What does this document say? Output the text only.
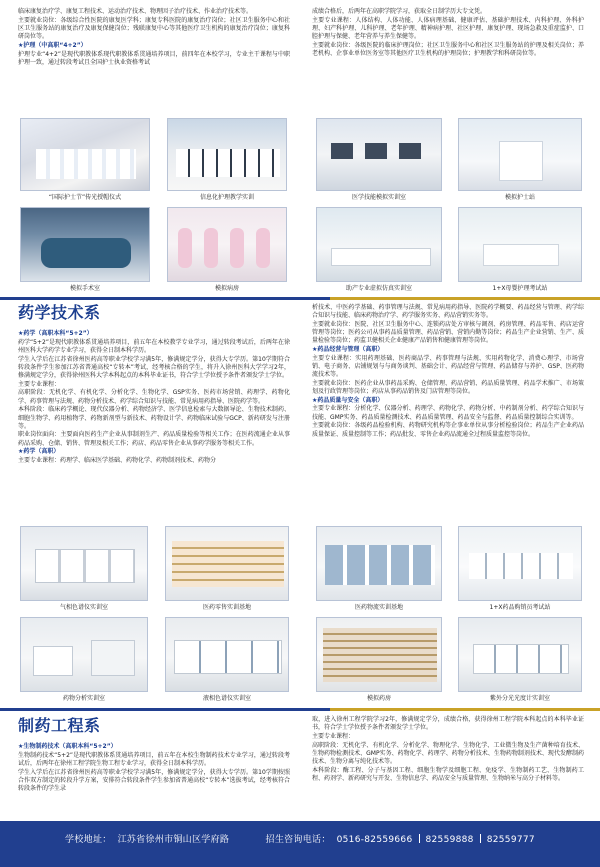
临床康复治疗学、康复工程技术、运动治疗技术、物理因子治疗技术、作业治疗技术等。

主要就业岗位：各级综合性医院的康复医学科；康复专科医院的康复治疗岗位；社区卫生服务中心和社区卫生服务站的康复治疗及康复保健岗位；残联康复中心等其他医疗卫生机构的康复治疗岗位；康复科研岗位等。

★护理（中高职“4+2”）

护理专业“4+2”是现代职教体系现代职教体系贯通培养项目，前四年在本校学习，专业主干课程与中职护理一致，通过转段考试且全国护士执业资格考试

成绩合格后，后两年在高职学院学习，获取全日制学历大专文凭。

主要专业课程：人体结构、人体功能、人体病理基础、健康评估、基础护理技术、内科护理、外科护理、妇产科护理、儿科护理、老年护理、精神病护理、社区护理、康复护理、现场急救及重症监护、口腔护理与保健、老年营养与养生保健等。

主要就业岗位：各级医院的临床护理岗位；社区卫生服务中心和社区卫生服务站的护理及相关岗位；养老机构、企事业单位医务室等其他医疗卫生机构的护理岗位；护理教学和科研岗位等。

“国际护士节”传光授帽仪式	信息化护理教学实训	医学技能模拟实训室	模拟护士站
模拟手术室	模拟病房	助产专业虚拟仿真实训室	1+X母婴护理考试站
药学技术系

★药学（高职本科“5+2”）

药学“5+2”是现代职教体系贯通培养项目，前五年在本校教学专业学习，通过转段考试后，后两年在徐州医科大学药学专业学习，获得全日制本科学历。

学生入学后在江苏省徐州医药高等职业学校学习满5年，修满规定学分，获得大专学历。第10学期符合转段条件学生参加江苏省普通高校“专转本”考试，经考核合格的学生，将升入徐州医科大学学习2年，修满规定学分，获得徐州医科大学本科起点的本科毕业证书，符合学士学位授予条件者颁发学士学位。

主要专业课程：

高职阶段：无机化学、有机化学、分析化学、生物化学、GSP实务、医药市场营销、药理学、药物化学、药事管理与法规、药物分析技术、药学综合知识与技能、常见病用药指导、医院药学等。

本科阶段：临床药学概论、现代仪器分析、药物经济学、医学信息检索与大数据导论、生物技术制药、细胞生物学、药用植物学、药物新剂型与新技术、药物设计学、药物临床试验与GCP、新药研发与注册等。

职业岗位面向：主要面向医药生产企业从事制剂生产、药品质量检验等相关工作；在医药流通企业从事药品采购、仓储、销售、管理及相关工作；药店、药品零售企业从事药学服务等相关工作。

★药学（高职）

主要专业课程：药理学、临床医学基础、药物化学、药物制剂技术、药物分

析技术、中医药学基础、药事管理与法规、常见病用药指导、医院药学概要、药品经营与管理、药学综合知识与技能、临床药物治疗学、药学服务实务、药品营销实务等。

主要就业岗位：医院、社区卫生服务中心、连锁药店处方审核与调剂、药房管理、药品零售、药店运营管理等岗位；医药公司从事药品质量管理、药品营销、营销内勤等岗位；药品生产企业营销、生产、质量检验等岗位；药监卫健相关企业健康产品销售和健康管理等岗位。

★药品经营与管理（高职）

主要专业课程：实用药理基础、医药商品学、药事管理与法规、实用药物化学、消费心理学、市场营销、电子商务、店铺规划与与商务谈判、基础会计、药品经营与管理、药品储存与养护、GSP、医药物流技术等。

主要就业岗位：医药企业从事药品采购、仓储管理、药品营销、药品质量管理、药品学术推广、市场策划及行政管理等岗位；药店从事药品销售及门店管理等岗位。

★药品质量与安全（高职）

主要专业课程：分析化学、仪器分析、药理学、药物化学、药物分析、中药制剂分析、药学综合知识与技能、GMP实务、药品质量检测技术、药品质量管理、药品安全与监督、药品质量控制综合实训等。

主要就业岗位：各级药品检验机构、药物研究机构等企事业单位从事分析检验岗位；药品生产企业药品质量保证、质量控制等工作；药品批发、零售企业药品流通全过程质量监控等岗位。

气相色谱仪实训室	医药零售实训基地	医药物流实训基地	1+X药品购销员考试站
药物分析实训室	液相色谱仪实训室	模拟药房	紫外分光光度计实训室
制药工程系

★生物制药技术（高职本科“5+2”）

生物制药技术“5+2”是现代职教体系贯通培养项目，前五年在本校生物制药技术专业学习，通过转段考试后，后两年在徐州工程学院生物工程专业学习，获得全日制本科学历。

学生入学后在江苏省徐州医药高等职业学校学习满5年，修满规定学分，获得大专学历。第10学期按照合作双方制定的转段升学方案，安排符合转段条件学生参加省普通高校“专转本”选拔考试，经考核符合转段条件的学生录

取，进入徐州工程学院学习2年，修满规定学分，成绩合格，获得徐州工程学院本科起点的本科毕业证书，符合学士学位授予条件者颁发学士学位。

主要专业课程：

高职阶段：无机化学、有机化学、分析化学、物理化学、生物化学、工业微生物及生产菌种培育技术、生物药物检测技术、GMP实务、药物化学、药理学、药物分析技术、生物药物制剂技术、现代发酵制药技术、生物分离与纯化技术等。

本科阶段：酶工程、分子与基因工程、细胞生物学及细胞工程、免疫学、生物制药工艺、生物制药工程、药剂学、新药研究与开发、生物信息学、药品安全与质量管理、生物纳米与高分子材料等。

学校地址： 江苏省徐州市铜山区学府路	招生咨询电话： 0516-82559666 82559888 82559777
